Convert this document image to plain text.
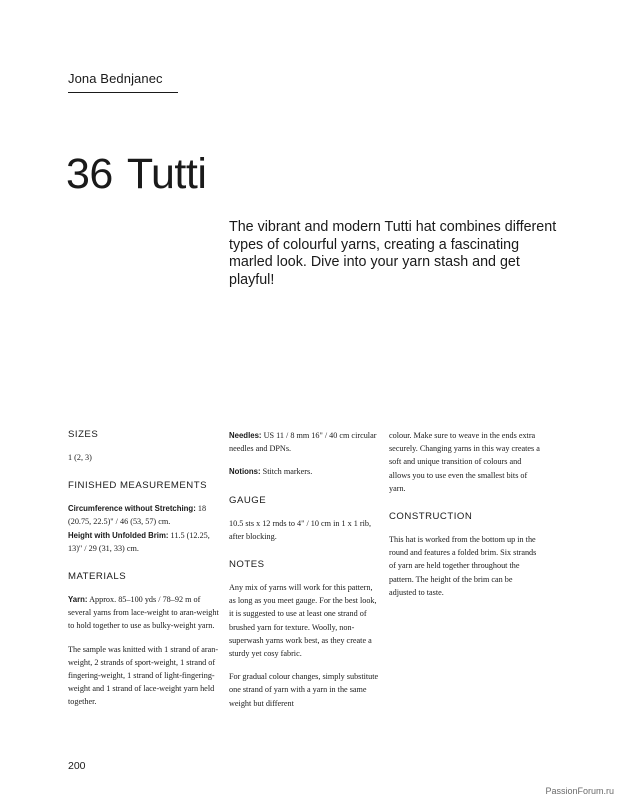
Jona Bednjanec
36 Tutti
The vibrant and modern Tutti hat combines different types of colourful yarns, creating a fascinating marled look. Dive into your yarn stash and get playful!
SIZES
1 (2, 3)
FINISHED MEASUREMENTS
Circumference without Stretching: 18 (20.75, 22.5)" / 46 (53, 57) cm.
Height with Unfolded Brim: 11.5 (12.25, 13)" / 29 (31, 33) cm.
MATERIALS
Yarn: Approx. 85–100 yds / 78–92 m of several yarns from lace-weight to aran-weight to hold together to use as bulky-weight yarn.
The sample was knitted with 1 strand of aran-weight, 2 strands of sport-weight, 1 strand of fingering-weight, 1 strand of light-fingering-weight and 1 strand of lace-weight yarn held together.
Needles: US 11 / 8 mm 16" / 40 cm circular needles and DPNs.
Notions: Stitch markers.
GAUGE
10.5 sts x 12 rnds to 4" / 10 cm in 1 x 1 rib, after blocking.
NOTES
Any mix of yarns will work for this pattern, as long as you meet gauge. For the best look, it is suggested to use at least one strand of brushed yarn for texture. Woolly, non-superwash yarns work best, as they create a sturdy yet cosy fabric.
For gradual colour changes, simply substitute one strand of yarn with a yarn in the same weight but different
colour. Make sure to weave in the ends extra securely. Changing yarns in this way creates a soft and unique transition of colours and allows you to use even the smallest bits of yarn.
CONSTRUCTION
This hat is worked from the bottom up in the round and features a folded brim. Six strands of yarn are held together throughout the pattern. The height of the brim can be adjusted to taste.
200
PassionForum.ru
